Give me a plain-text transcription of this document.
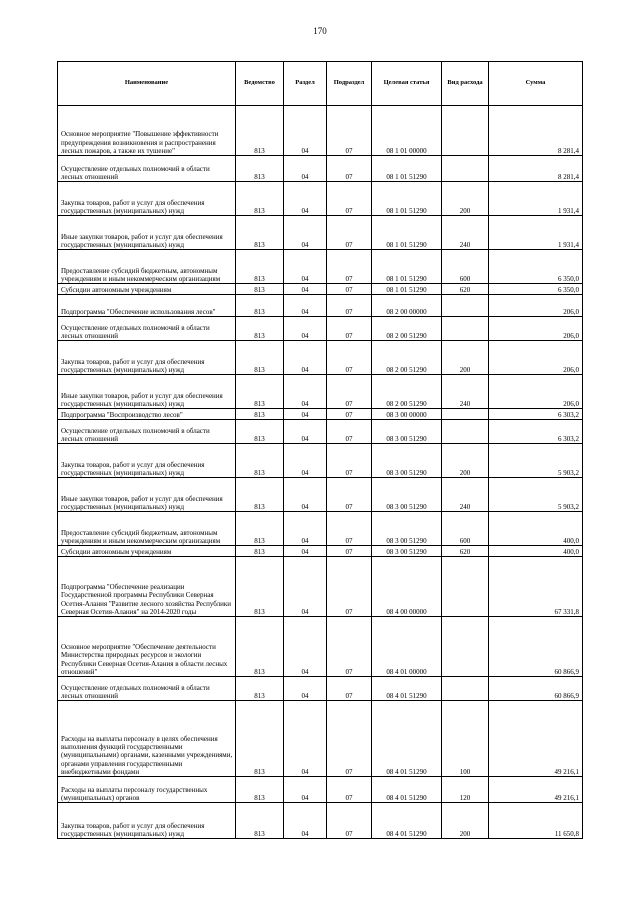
170
Наименование	Ведомство	Раздел	Подраздел	Целевая статья	Вид расхода	Сумма
Основное мероприятие "Повышение эффективности предупреждения возникновения и распространения лесных пожаров, а также их тушение"	813	04	07	08 1 01 00000		8 281,4
Осуществление отдельных полномочий в области лесных отношений	813	04	07	08 1 01 51290		8 281,4
Закупка товаров, работ и услуг для обеспечения государственных (муниципальных) нужд	813	04	07	08 1 01 51290	200	1 931,4
Иные закупки товаров, работ и услуг для обеспечения государственных (муниципальных) нужд	813	04	07	08 1 01 51290	240	1 931,4
Предоставление субсидий бюджетным, автономным учреждениям и иным некоммерческим организациям	813	04	07	08 1 01 51290	600	6 350,0
Субсидии автономным учреждениям	813	04	07	08 1 01 51290	620	6 350,0
Подпрограмма "Обеспечение использования лесов"	813	04	07	08 2 00 00000		206,0
Осуществление отдельных полномочий в области лесных отношений	813	04	07	08 2 00 51290		206,0
Закупка товаров, работ и услуг для обеспечения государственных (муниципальных) нужд	813	04	07	08 2 00 51290	200	206,0
Иные закупки товаров, работ и услуг для обеспечения государственных (муниципальных) нужд	813	04	07	08 2 00 51290	240	206,0
Подпрограмма "Воспроизводство лесов"	813	04	07	08 3 00 00000		6 303,2
Осуществление отдельных полномочий в области лесных отношений	813	04	07	08 3 00 51290		6 303,2
Закупка товаров, работ и услуг для обеспечения государственных (муниципальных) нужд	813	04	07	08 3 00 51290	200	5 903,2
Иные закупки товаров, работ и услуг для обеспечения государственных (муниципальных) нужд	813	04	07	08 3 00 51290	240	5 903,2
Предоставление субсидий бюджетным, автономным учреждениям и иным некоммерческим организациям	813	04	07	08 3 00 51290	600	400,0
Субсидии автономным учреждениям	813	04	07	08 3 00 51290	620	400,0
Подпрограмма "Обеспечение реализации Государственной программы Республики Северная Осетия-Алания "Развитие лесного хозяйства Республики Северная Осетия-Алания" на 2014-2020 годы	813	04	07	08 4 00 00000		67 331,8
Основное мероприятие "Обеспечение деятельности Министерства природных ресурсов и экологии Республики Северная Осетия-Алания в области лесных отношений"	813	04	07	08 4 01 00000		60 866,9
Осуществление отдельных полномочий в области лесных отношений	813	04	07	08 4 01 51290		60 866,9
Расходы на выплаты персоналу в целях обеспечения выполнения функций государственными (муниципальными) органами, казенными учреждениями, органами управления государственными внебюджетными фондами	813	04	07	08 4 01 51290	100	49 216,1
Расходы на выплаты персоналу государственных (муниципальных) органов	813	04	07	08 4 01 51290	120	49 216,1
Закупка товаров, работ и услуг для обеспечения государственных (муниципальных) нужд	813	04	07	08 4 01 51290	200	11 650,8
